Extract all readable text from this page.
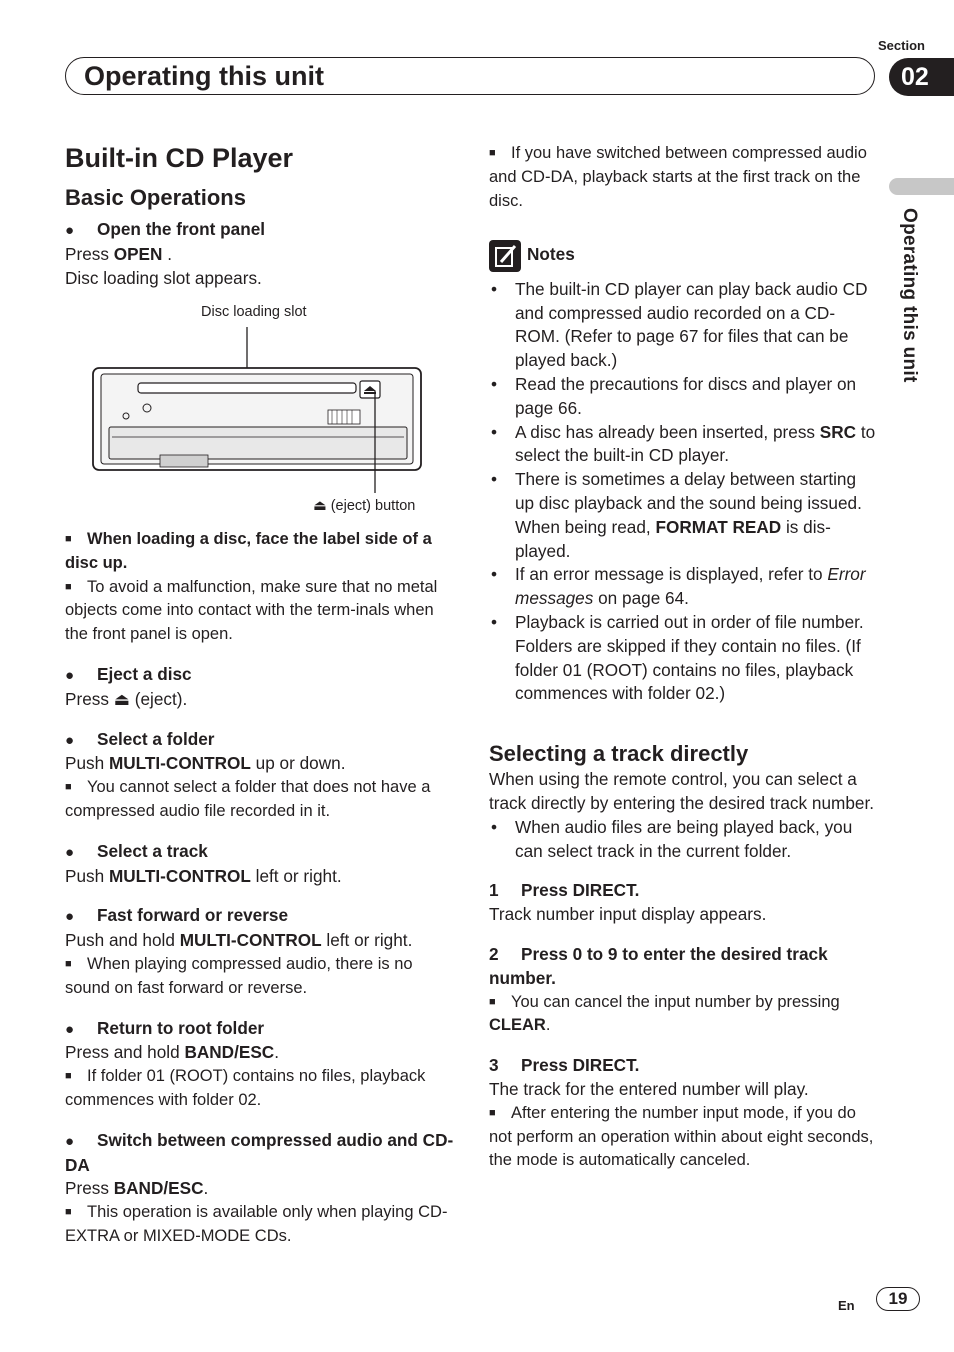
Section
02
Operating this unit
Operating this unit

Built-in CD Player

Basic Operations

● Open the front panel

Press OPEN .

Disc loading slot appears.

Disc loading slot
⏏ (eject) button

■ When loading a disc, face the label side of a disc up.

■ To avoid a malfunction, make sure that no metal objects come into contact with the term-inals when the front panel is open.

● Eject a disc

Press ⏏ (eject).

● Select a folder

Push MULTI-CONTROL up or down.

■ You cannot select a folder that does not have a compressed audio file recorded in it.

● Select a track

Push MULTI-CONTROL left or right.

● Fast forward or reverse

Push and hold MULTI-CONTROL left or right.

■ When playing compressed audio, there is no sound on fast forward or reverse.

● Return to root folder

Press and hold BAND/ESC.

■ If folder 01 (ROOT) contains no files, playback commences with folder 02.

● Switch between compressed audio and CD-DA

Press BAND/ESC.

■ This operation is available only when playing CD-EXTRA or MIXED-MODE CDs.

■ If you have switched between compressed audio and CD-DA, playback starts at the first track on the disc.

Notes

• The built-in CD player can play back audio CD and compressed audio recorded on a CD-ROM. (Refer to page 67 for files that can be played back.)
• Read the precautions for discs and player on page 66.
• A disc has already been inserted, press SRC to select the built-in CD player.
• There is sometimes a delay between starting up disc playback and the sound being issued. When being read, FORMAT READ is dis-played.
• If an error message is displayed, refer to Error messages on page 64.
• Playback is carried out in order of file number. Folders are skipped if they contain no files. (If folder 01 (ROOT) contains no files, playback commences with folder 02.)

Selecting a track directly

When using the remote control, you can select a track directly by entering the desired track number.

• When audio files are being played back, you can select track in the current folder.

1 Press DIRECT.

Track number input display appears.

2 Press 0 to 9 to enter the desired track number.

■ You can cancel the input number by pressing CLEAR.

3 Press DIRECT.

The track for the entered number will play.

■ After entering the number input mode, if you do not perform an operation within about eight seconds, the mode is automatically canceled.

En	19
